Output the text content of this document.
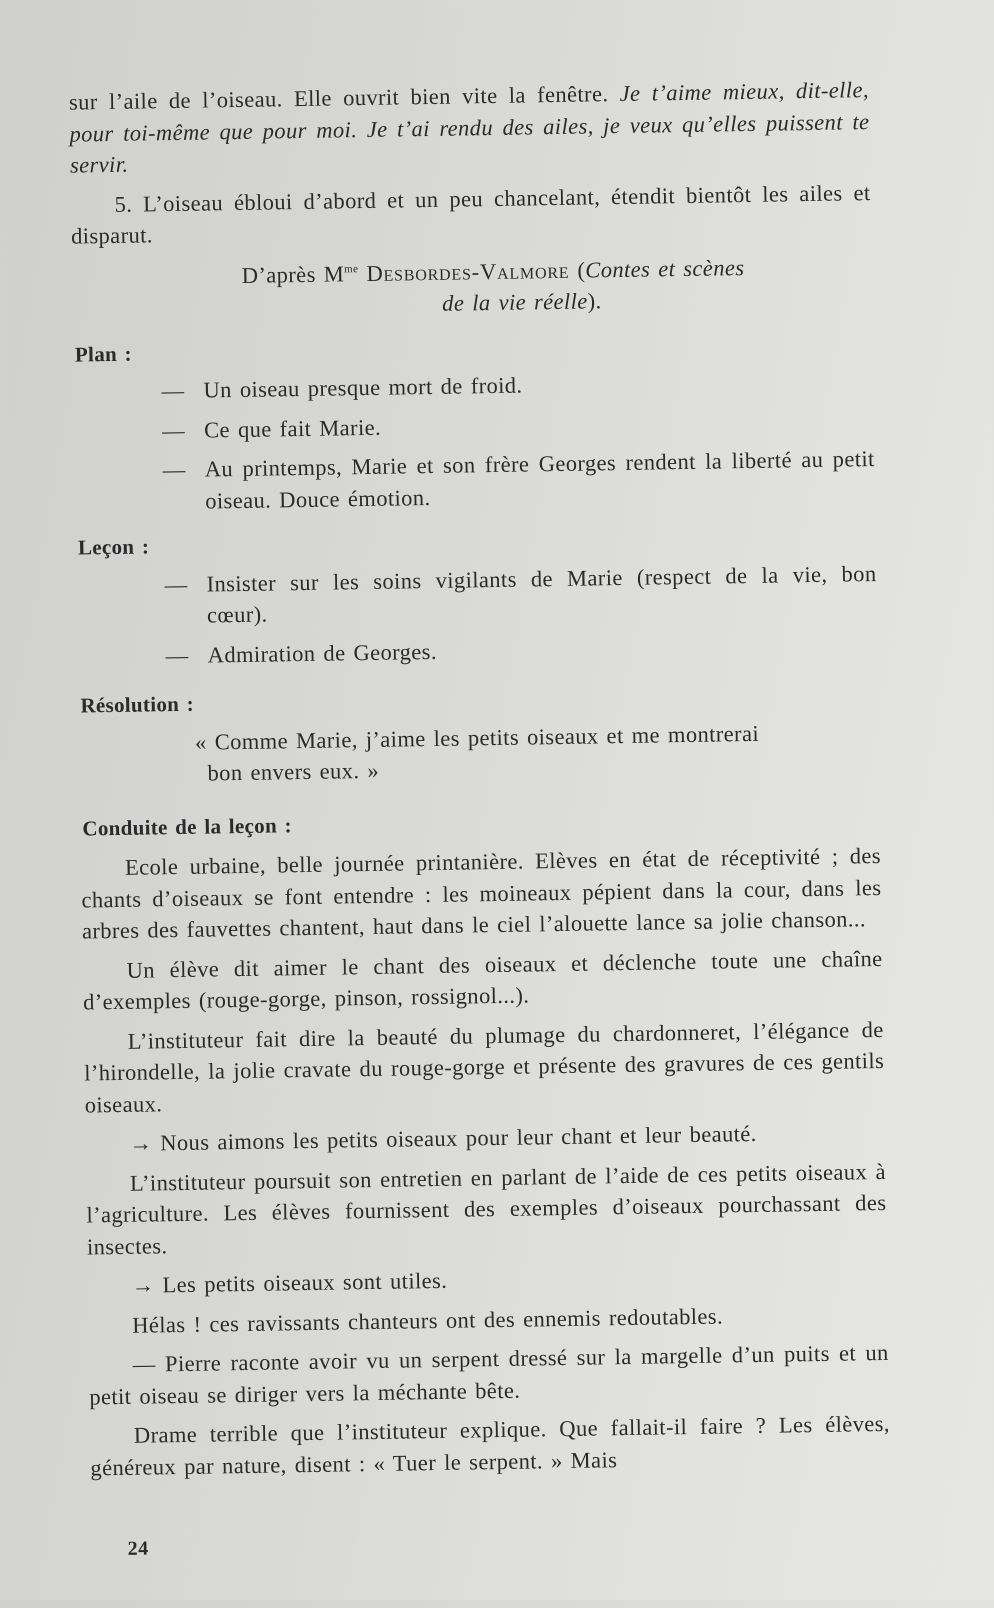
sur l’aile de l’oiseau. Elle ouvrit bien vite la fenêtre. Je t’aime mieux, dit-elle, pour toi-même que pour moi. Je t’ai rendu des ailes, je veux qu’elles puissent te servir.

5. L’oiseau ébloui d’abord et un peu chancelant, étendit bientôt les ailes et disparut.

D’après $M^{me}$ Desbordes-Valmore (Contes et scènes
de la vie réelle).

Plan :

— Un oiseau presque mort de froid.

— Ce que fait Marie.

— Au printemps, Marie et son frère Georges rendent la liberté au petit oiseau. Douce émotion.

Leçon :

— Insister sur les soins vigilants de Marie (respect de la vie, bon cœur).

— Admiration de Georges.

Résolution :

« Comme Marie, j’aime les petits oiseaux et me montrerai
bon envers eux. »

Conduite de la leçon :

Ecole urbaine, belle journée printanière. Elèves en état de réceptivité ; des chants d’oiseaux se font entendre : les moineaux pépient dans la cour, dans les arbres des fauvettes chantent, haut dans le ciel l’alouette lance sa jolie chanson...

Un élève dit aimer le chant des oiseaux et déclenche toute une chaîne d’exemples (rouge-gorge, pinson, rossignol...).

L’instituteur fait dire la beauté du plumage du chardonneret, l’élégance de l’hirondelle, la jolie cravate du rouge-gorge et présente des gravures de ces gentils oiseaux.

→ Nous aimons les petits oiseaux pour leur chant et leur beauté.

L’instituteur poursuit son entretien en parlant de l’aide de ces petits oiseaux à l’agriculture. Les élèves fournissent des exemples d’oiseaux pourchassant des insectes.

→ Les petits oiseaux sont utiles.

Hélas ! ces ravissants chanteurs ont des ennemis redoutables.

— Pierre raconte avoir vu un serpent dressé sur la margelle d’un puits et un petit oiseau se diriger vers la méchante bête.

Drame terrible que l’instituteur explique. Que fallait-il faire ? Les élèves, généreux par nature, disent : « Tuer le serpent. » Mais

24
